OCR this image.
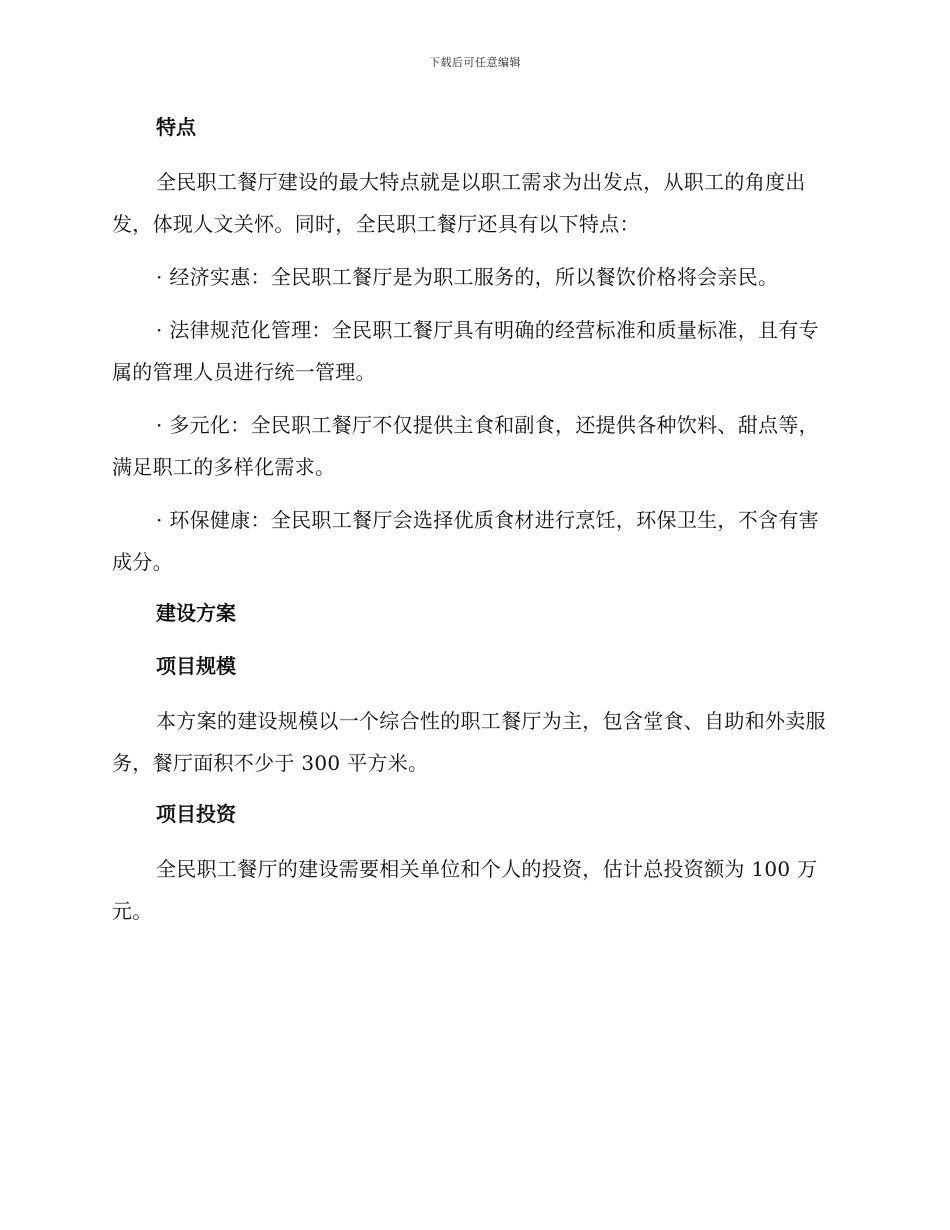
下载后可任意编辑
特点

全民职工餐厅建设的最大特点就是以职工需求为出发点，从职工的角度出发，体现人文关怀。同时，全民职工餐厅还具有以下特点：

· 经济实惠：全民职工餐厅是为职工服务的，所以餐饮价格将会亲民。

· 法律规范化管理：全民职工餐厅具有明确的经营标准和质量标准，且有专属的管理人员进行统一管理。

· 多元化：全民职工餐厅不仅提供主食和副食，还提供各种饮料、甜点等，满足职工的多样化需求。

· 环保健康：全民职工餐厅会选择优质食材进行烹饪，环保卫生，不含有害成分。

建设方案
项目规模

本方案的建设规模以一个综合性的职工餐厅为主，包含堂食、自助和外卖服务，餐厅面积不少于 300 平方米。

项目投资

全民职工餐厅的建设需要相关单位和个人的投资，估计总投资额为 100 万元。
